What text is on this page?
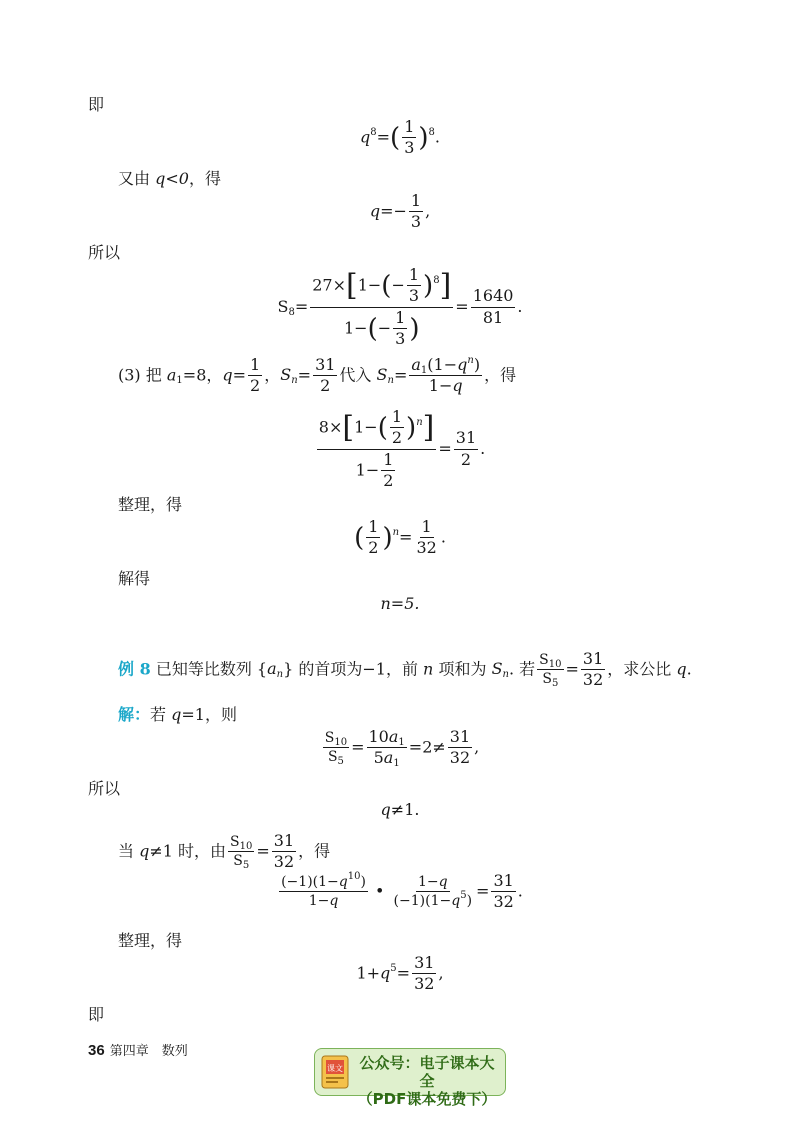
即
$q^8=( \frac{1}{3} )^8$.
又由 q<0，得
$q=- \frac{1}{3}$ ,
所以
$S_8= \frac{27\times[1-(- \frac{1}{3} )^8]}{1-(- \frac{1}{3} )} = \frac{1640}{81}$ .
(3) 把 $a_1=8$，$q= \frac{1}{2}$ ，$S_n= \frac{31}{2}$ 代入 $S_n= \frac{a_1(1-q^n)}{1-q}$ ，得
$\frac{8\times[1-( \frac{1}{2} )^n]}{1- \frac{1}{2}} = \frac{31}{2}$ .
整理，得
( $\frac{1}{2} )^n= \frac{1}{32}$ .
解得
n=5.
例 8 已知等比数列 $\{a_n\}$ 的首项为−1，前 n 项和为 $S_n$. 若 $\frac{S_{10}}{S_5} = \frac{31}{32}$ ，求公比 q.
解：若 q=1，则
$\frac{S_{10}}{S_5} = \frac{10a_1}{5a_1} =2\ne \frac{31}{32}$ ,
所以
q≠1.
当 q≠1 时，由 $\frac{S_{10}}{S_5} = \frac{31}{32}$ ，得
$\frac{(-1)(1-q^{10})}{1-q}$ • $\frac{1-q}{(-1)(1-q^5)} = \frac{31}{32}$ .
整理，得
$1+q^5= \frac{31}{32}$ ,
即
36 第四章　数列
课文	公众号：电子课本大全
（PDF课本免费下）
